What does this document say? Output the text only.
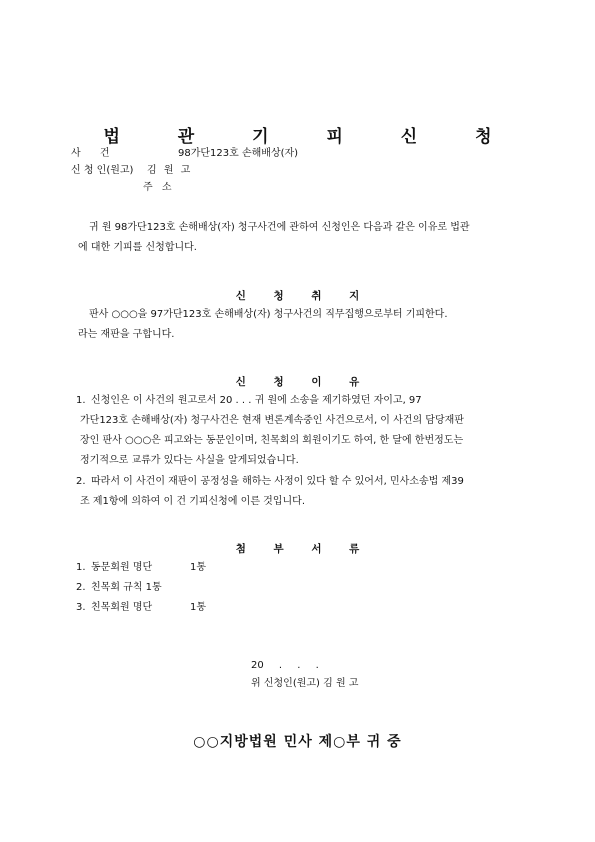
법 관 기 피 신 청
사 건	98가단123호 손해배상(자)
신 청 인(원고) 김 원 고
주 소
귀 원 98가단123호 손해배상(자) 청구사건에 관하여 신청인은 다음과 같은 이유로 법관
에 대한 기피를 신청합니다.
신 청 취 지
판사 ○○○을 97가단123호 손해배상(자) 청구사건의 직무집행으로부터 기피한다.
라는 재판을 구합니다.
신 청 이 유
1. 신청인은 이 사건의 원고로서 20 . . . 귀 원에 소송을 제기하였던 자이고, 97
가단123호 손해배상(자) 청구사건은 현재 변론계속중인 사건으로서, 이 사건의 담당재판
장인 판사 ○○○은 피고와는 동문인이며, 친목회의 회원이기도 하여, 한 달에 한번정도는
정기적으로 교류가 있다는 사실을 알게되었습니다.
2. 따라서 이 사건이 재판이 공정성을 해하는 사정이 있다 할 수 있어서, 민사소송법 제39
조 제1항에 의하여 이 건 기피신청에 이른 것입니다.
첨 부 서 류
1. 동문회원 명단	1통
2. 친목회 규칙 1통
3. 친목회원 명단	1통
20 . . .
위 신청인(원고) 김 원 고
○○지방법원 민사 제○부 귀 중
